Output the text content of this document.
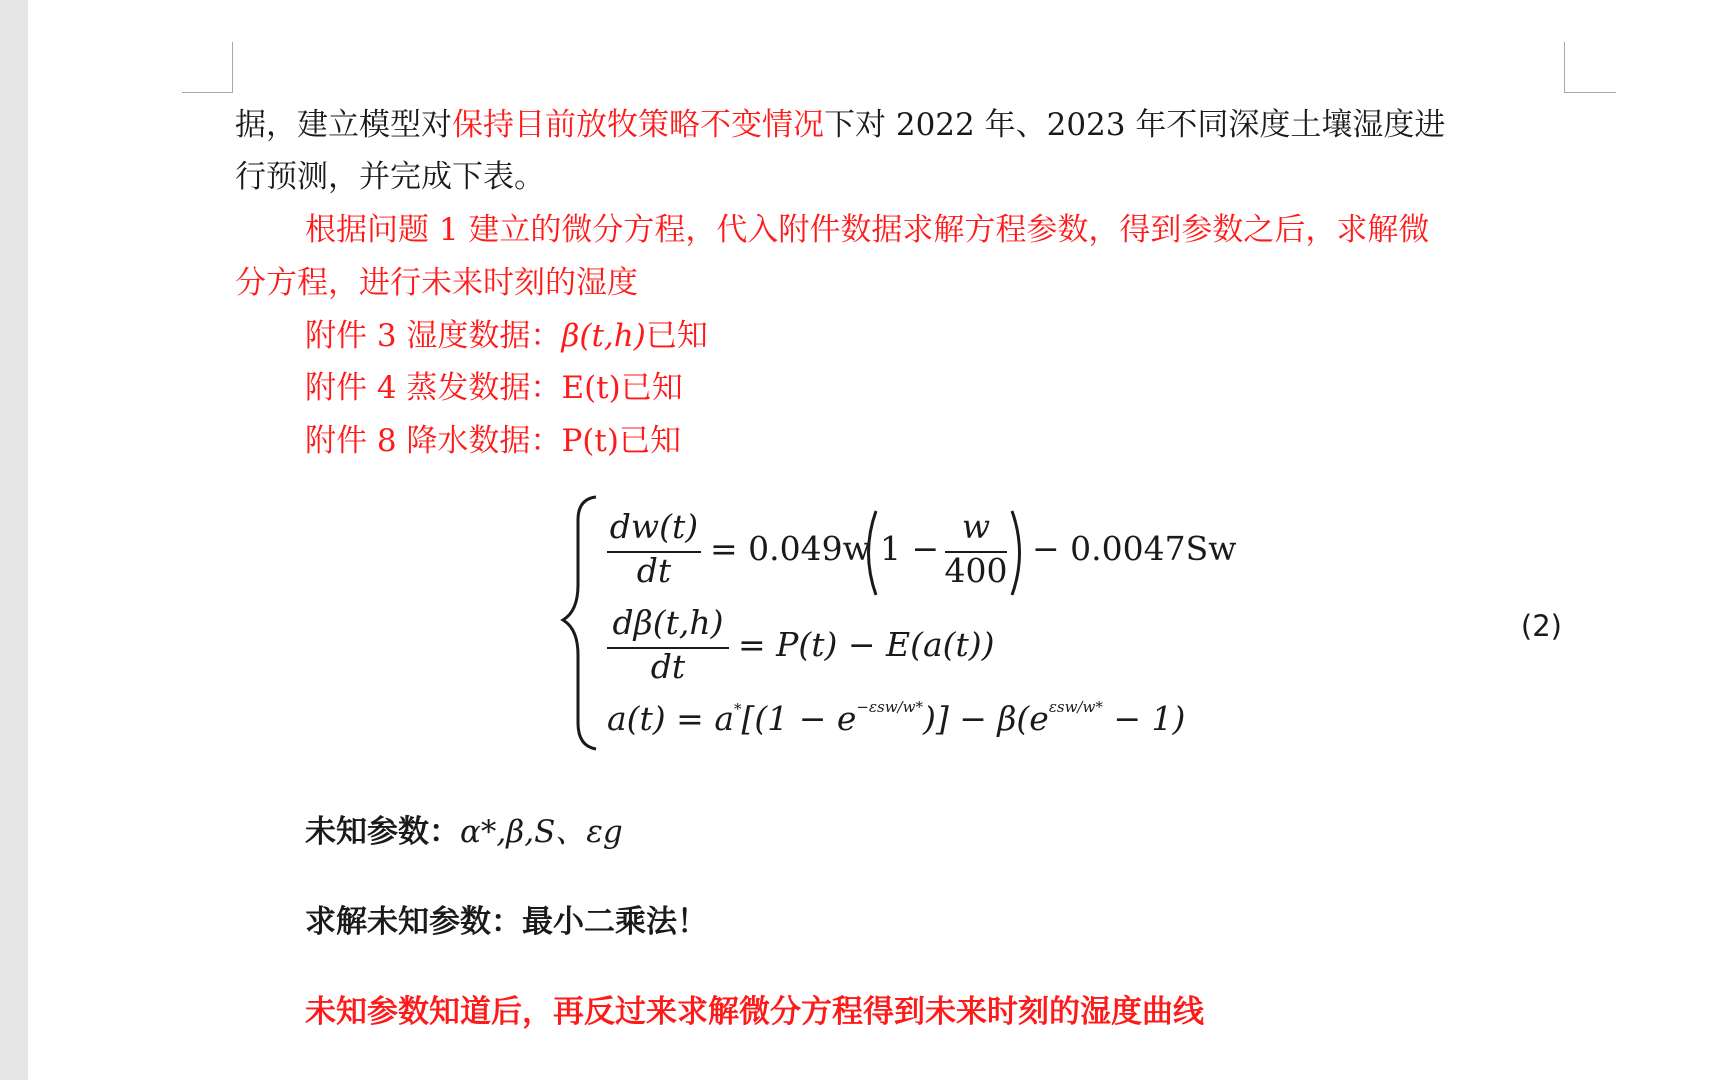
据，建立模型对保持目前放牧策略不变情况下对 2022 年、2023 年不同深度土壤湿度进
行预测，并完成下表。
根据问题 1 建立的微分方程，代入附件数据求解方程参数，得到参数之后，求解微
分方程，进行未来时刻的湿度
附件 3 湿度数据：β(t,h)已知
附件 4 蒸发数据：E(t)已知
附件 8 降水数据：P(t)已知
dw(t)
dt
= 0.049w 1 −
w
400
− 0.0047Sw
dβ(t,h)
dt
= P(t) − E(a(t))
$a(t) = a^*[(1 - e^{-\varepsilon sw/w*})] - \beta(e^{\varepsilon sw/w*} - 1)$
(2)
未知参数：α*,β,S、εg
求解未知参数：最小二乘法！
未知参数知道后，再反过来求解微分方程得到未来时刻的湿度曲线
